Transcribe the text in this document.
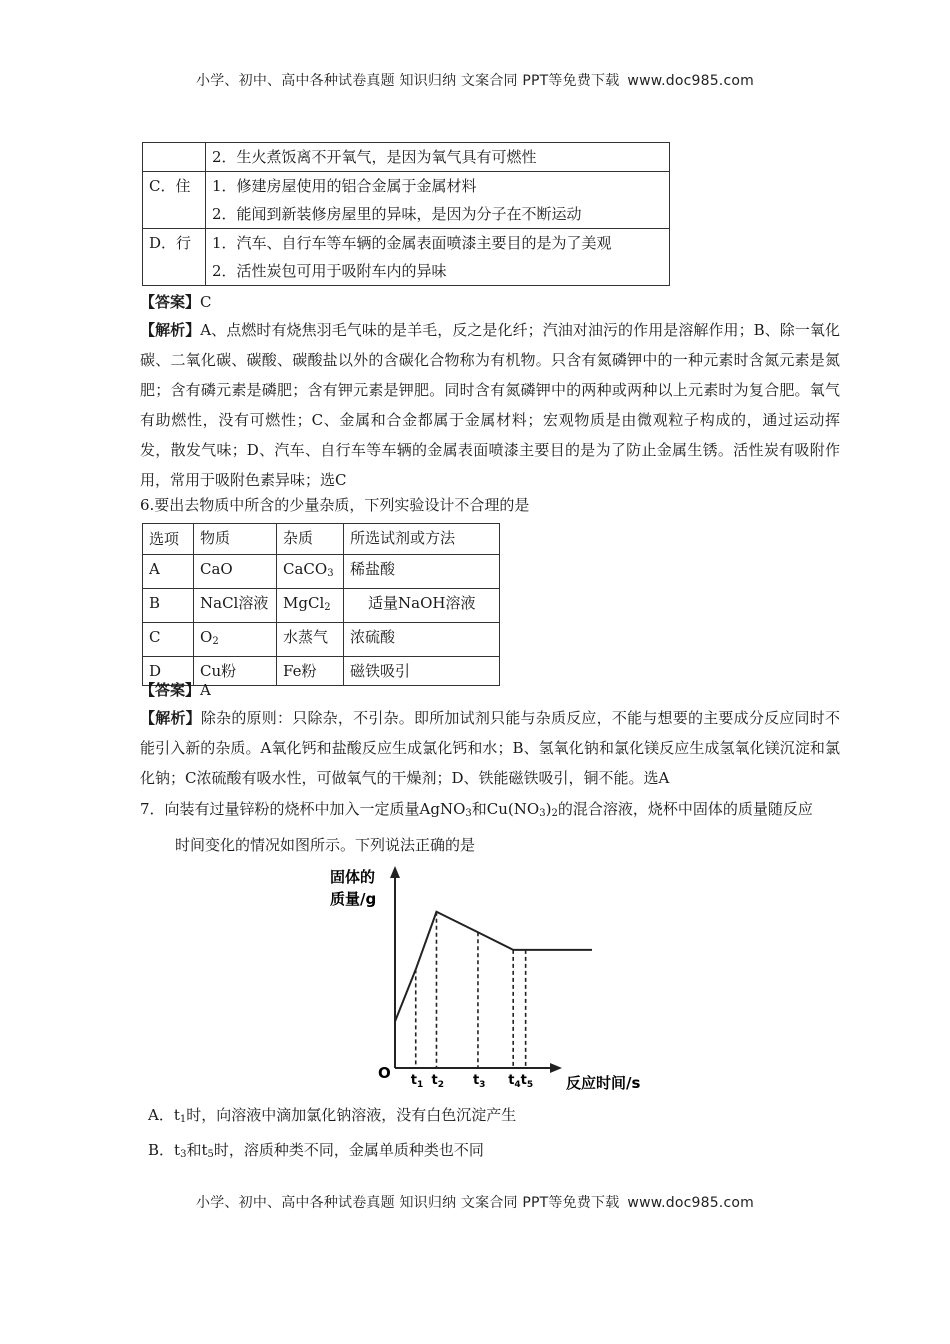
小学、初中、高中各种试卷真题 知识归纳 文案合同 PPT等免费下载 www.doc985.com
	2．生火煮饭离不开氧气，是因为氧气具有可燃性
C．住	1．修建房屋使用的铝合金属于金属材料
2．能闻到新装修房屋里的异味，是因为分子在不断运动

D．行	1．汽车、自行车等车辆的金属表面喷漆主要目的是为了美观
2．活性炭包可用于吸附车内的异味
【答案】C
【解析】A、点燃时有烧焦羽毛气味的是羊毛，反之是化纤；汽油对油污的作用是溶解作用；B、除一氧化碳、二氧化碳、碳酸、碳酸盐以外的含碳化合物称为有机物。只含有氮磷钾中的一种元素时含氮元素是氮肥；含有磷元素是磷肥；含有钾元素是钾肥。同时含有氮磷钾中的两种或两种以上元素时为复合肥。氧气有助燃性，没有可燃性；C、金属和合金都属于金属材料；宏观物质是由微观粒子构成的，通过运动挥发，散发气味；D、汽车、自行车等车辆的金属表面喷漆主要目的是为了防止金属生锈。活性炭有吸附作用，常用于吸附色素异味；选C
6.要出去物质中所含的少量杂质，下列实验设计不合理的是
选项	物质	杂质	所选试剂或方法
A	CaO	CaCO$_3$	稀盐酸
B	NaCl溶液	MgCl$_2$	适量NaOH溶液
C	$O_2$	水蒸气	浓硫酸
D	Cu粉	Fe粉	磁铁吸引
【答案】A
【解析】除杂的原则：只除杂，不引杂。即所加试剂只能与杂质反应，不能与想要的主要成分反应同时不能引入新的杂质。A氧化钙和盐酸反应生成氯化钙和水；B、氢氧化钠和氯化镁反应生成氢氧化镁沉淀和氯化钠；C浓硫酸有吸水性，可做氧气的干燥剂；D、铁能磁铁吸引，铜不能。选A
7．向装有过量锌粉的烧杯中加入一定质量AgNO$_3$和$Cu(NO_3)_2$的混合溶液，烧杯中固体的质量随反应
时间变化的情况如图所示。下列说法正确的是
固体的
质量/g
反应时间/s
O $t_1$ $t_2$ $t_3$ $t_4$ $t_5$
A．$t_1$时，向溶液中滴加氯化钠溶液，没有白色沉淀产生
B．$t_3$和$t_5$时，溶质种类不同，金属单质种类也不同
小学、初中、高中各种试卷真题 知识归纳 文案合同 PPT等免费下载 www.doc985.com
